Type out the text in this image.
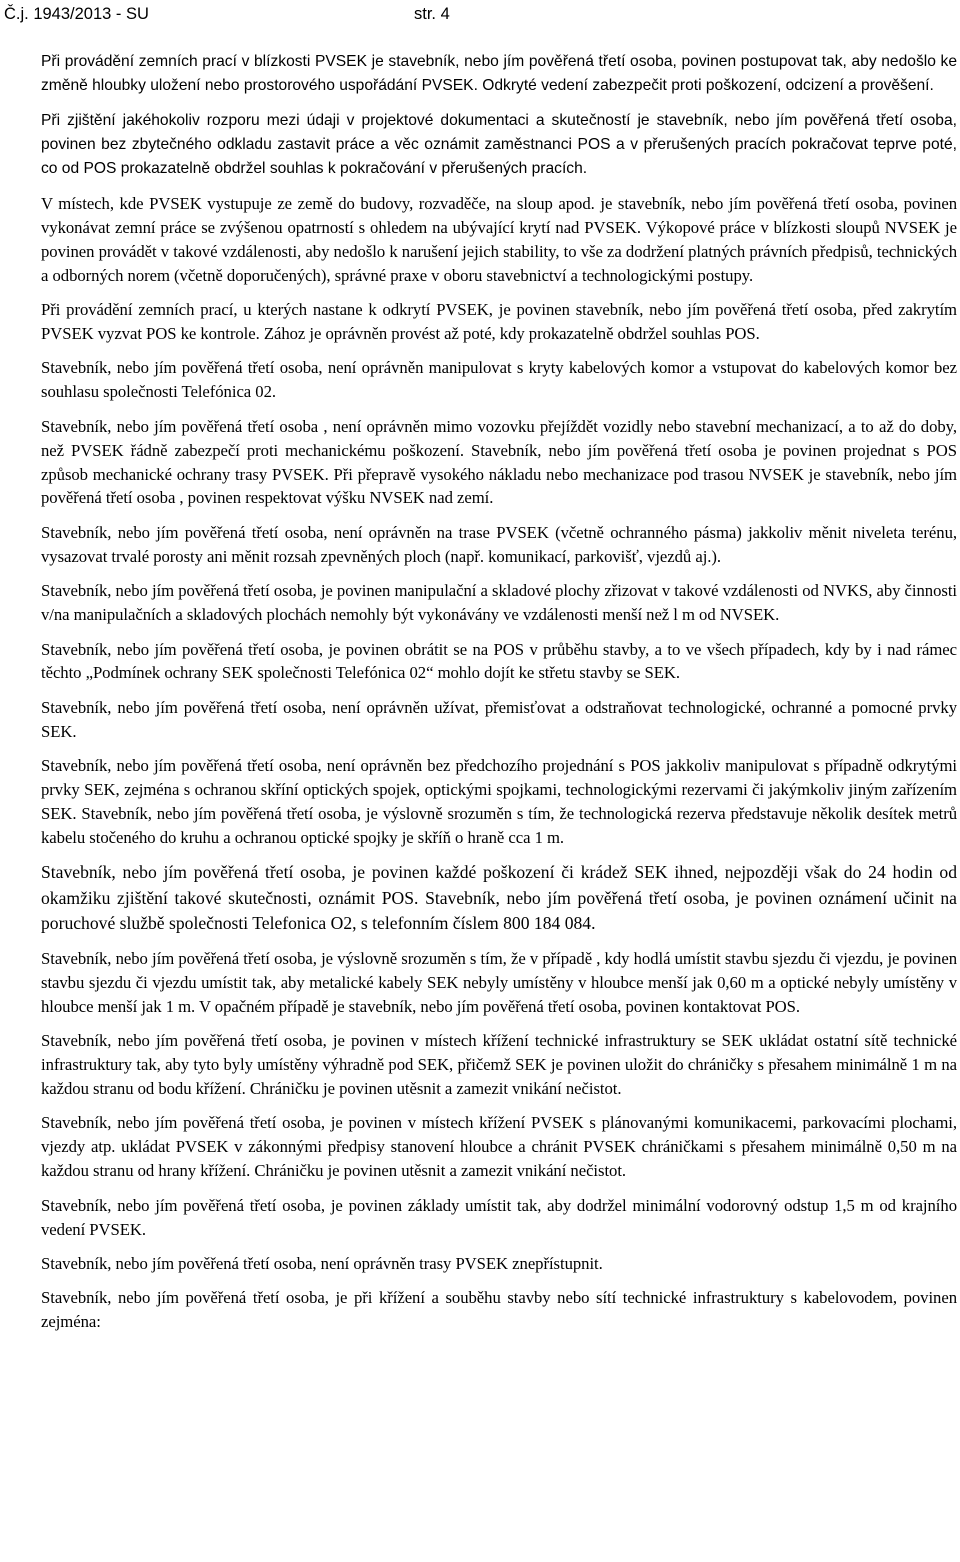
Č.j. 1943/2013 - SU	str. 4

Při provádění zemních prací v blízkosti PVSEK je stavebník, nebo jím pověřená třetí osoba, povinen postupovat tak, aby nedošlo ke změně hloubky uložení nebo prostorového uspořádání PVSEK. Odkryté vedení zabezpečit proti poškození, odcizení a prověšení.

Při zjištění jakéhokoliv rozporu mezi údaji v projektové dokumentaci a skutečností je stavebník, nebo jím pověřená třetí osoba, povinen bez zbytečného odkladu zastavit práce a věc oznámit zaměstnanci POS a v přerušených pracích pokračovat teprve poté, co od POS prokazatelně obdržel souhlas k pokračování v přerušených pracích.

V místech, kde PVSEK vystupuje ze země do budovy, rozvaděče, na sloup apod. je stavebník, nebo jím pověřená třetí osoba, povinen vykonávat zemní práce se zvýšenou opatrností s ohledem na ubývající krytí nad PVSEK. Výkopové práce v blízkosti sloupů NVSEK je povinen provádět v takové vzdálenosti, aby nedošlo k narušení jejich stability, to vše za dodržení platných právních předpisů, technických a odborných norem (včetně doporučených), správné praxe v oboru stavebnictví a technologickými postupy.

Při provádění zemních prací, u kterých nastane k odkrytí PVSEK, je povinen stavebník, nebo jím pověřená třetí osoba, před zakrytím PVSEK vyzvat POS ke kontrole. Zához je oprávněn provést až poté, kdy prokazatelně obdržel souhlas POS.

Stavebník, nebo jím pověřená třetí osoba, není oprávněn manipulovat s kryty kabelových komor a vstupovat do kabelových komor bez souhlasu společnosti Telefónica 02.

Stavebník, nebo jím pověřená třetí osoba , není oprávněn mimo vozovku přejíždět vozidly nebo stavební mechanizací, a to až do doby, než PVSEK řádně zabezpečí proti mechanickému poškození. Stavebník, nebo jím pověřená třetí osoba je povinen projednat s POS způsob mechanické ochrany trasy PVSEK. Při přepravě vysokého nákladu nebo mechanizace pod trasou NVSEK je stavebník, nebo jím pověřená třetí osoba , povinen respektovat výšku NVSEK nad zemí.

Stavebník, nebo jím pověřená třetí osoba, není oprávněn na trase PVSEK (včetně ochranného pásma) jakkoliv měnit niveleta terénu, vysazovat trvalé porosty ani měnit rozsah zpevněných ploch (např. komunikací, parkovišť, vjezdů aj.).

Stavebník, nebo jím pověřená třetí osoba, je povinen manipulační a skladové plochy zřizovat v takové vzdálenosti od NVKS, aby činnosti v/na manipulačních a skladových plochách nemohly být vykonávány ve vzdálenosti menší než l m od NVSEK.

Stavebník, nebo jím pověřená třetí osoba, je povinen obrátit se na POS v průběhu stavby, a to ve všech případech, kdy by i nad rámec těchto „Podmínek ochrany SEK společnosti Telefónica 02“ mohlo dojít ke střetu stavby se SEK.

Stavebník, nebo jím pověřená třetí osoba, není oprávněn užívat, přemisťovat a odstraňovat technologické, ochranné a pomocné prvky SEK.

Stavebník, nebo jím pověřená třetí osoba, není oprávněn bez předchozího projednání s POS jakkoliv manipulovat s případně odkrytými prvky SEK, zejména s ochranou skříní optických spojek, optickými spojkami, technologickými rezervami či jakýmkoliv jiným zařízením SEK. Stavebník, nebo jím pověřená třetí osoba, je výslovně srozuměn s tím, že technologická rezerva představuje několik desítek metrů kabelu stočeného do kruhu a ochranou optické spojky je skříň o hraně cca 1 m.

Stavebník, nebo jím pověřená třetí osoba, je povinen každé poškození či krádež SEK ihned, nejpozději však do 24 hodin od okamžiku zjištění takové skutečnosti, oznámit POS. Stavebník, nebo jím pověřená třetí osoba, je povinen oznámení učinit na poruchové službě společnosti Telefonica O2, s telefonním číslem 800 184 084.

Stavebník, nebo jím pověřená třetí osoba, je výslovně srozuměn s tím, že v případě , kdy hodlá umístit stavbu sjezdu či vjezdu, je povinen stavbu sjezdu či vjezdu umístit tak, aby metalické kabely SEK nebyly umístěny v hloubce menší jak 0,60 m a optické nebyly umístěny v hloubce menší jak 1 m. V opačném případě je stavebník, nebo jím pověřená třetí osoba, povinen kontaktovat POS.

Stavebník, nebo jím pověřená třetí osoba, je povinen v místech křížení technické infrastruktury se SEK ukládat ostatní sítě technické infrastruktury tak, aby tyto byly umístěny výhradně pod SEK, přičemž SEK je povinen uložit do chráničky s přesahem minimálně 1 m na každou stranu od bodu křížení. Chráničku je povinen utěsnit a zamezit vnikání nečistot.

Stavebník, nebo jím pověřená třetí osoba, je povinen v místech křížení PVSEK s plánovanými komunikacemi, parkovacími plochami, vjezdy atp. ukládat PVSEK v zákonnými předpisy stanovení hloubce a chránit PVSEK chráničkami s přesahem minimálně 0,50 m na každou stranu od hrany křížení. Chráničku je povinen utěsnit a zamezit vnikání nečistot.

Stavebník, nebo jím pověřená třetí osoba, je povinen základy umístit tak, aby dodržel minimální vodorovný odstup 1,5 m od krajního vedení PVSEK.

Stavebník, nebo jím pověřená třetí osoba, není oprávněn trasy PVSEK znepřístupnit.

Stavebník, nebo jím pověřená třetí osoba, je při křížení a souběhu stavby nebo sítí technické infrastruktury s kabelovodem, povinen zejména:
